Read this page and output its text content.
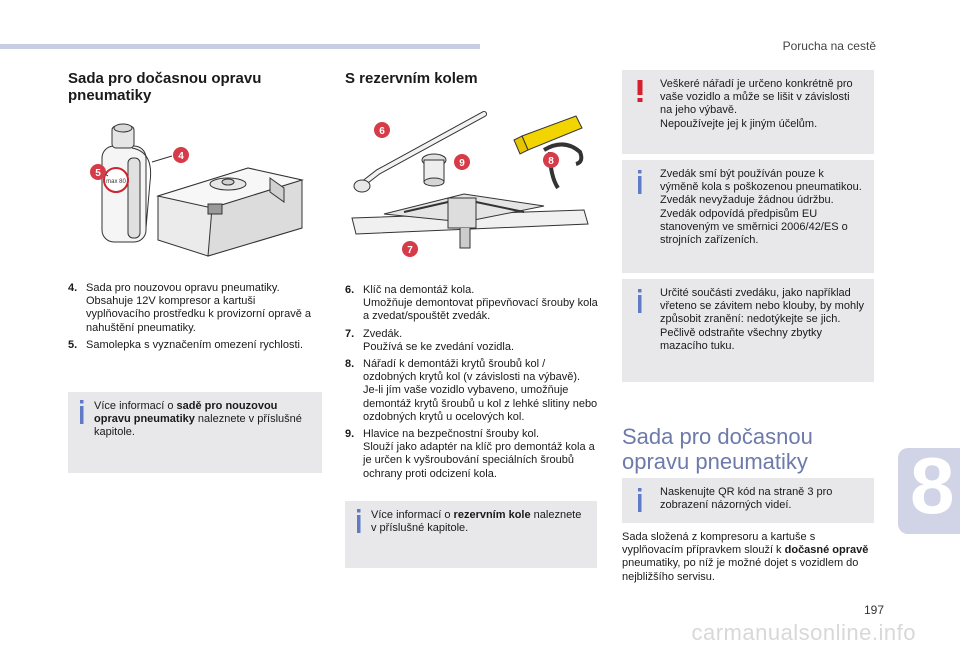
Porucha na cestě
Sada pro dočasnou opravu pneumatiky
max 80
5
4
4. Sada pro nouzovou opravu pneumatiky.
Obsahuje 12V kompresor a kartuši vyplňovacího prostředku k provizorní opravě a nahuštění pneumatiky.
5. Samolepka s vyznačením omezení rychlosti.
Více informací o sadě pro nouzovou opravu pneumatiky naleznete v příslušné kapitole.
S rezervním kolem
6
9	8
7
6. Klíč na demontáž kola.
Umožňuje demontovat připevňovací šrouby kola a zvedat/spouštět zvedák.
7. Zvedák.
Používá se ke zvedání vozidla.
8. Nářadí k demontáži krytů šroubů kol / ozdobných krytů kol (v závislosti na výbavě).
Je-li jím vaše vozidlo vybaveno, umožňuje demontáž krytů šroubů u kol z lehké slitiny nebo ozdobných krytů u ocelových kol.
9. Hlavice na bezpečnostní šrouby kol.
Slouží jako adaptér na klíč pro demontáž kola a je určen k vyšroubování speciálních šroubů ochrany proti odcizení kola.
Více informací o rezervním kole naleznete v příslušné kapitole.
Veškeré nářadí je určeno konkrétně pro vaše vozidlo a může se lišit v závislosti na jeho výbavě.
Nepoužívejte jej k jiným účelům.
Zvedák smí být používán pouze k výměně kola s poškozenou pneumatikou.
Zvedák nevyžaduje žádnou údržbu.
Zvedák odpovídá předpisům EU stanoveným ve směrnici 2006/42/ES o strojních zařízeních.
Určité součásti zvedáku, jako například vřeteno se závitem nebo klouby, by mohly způsobit zranění: nedotýkejte se jich.
Pečlivě odstraňte všechny zbytky mazacího tuku.
Sada pro dočasnou opravu pneumatiky
Naskenujte QR kód na straně 3 pro zobrazení názorných videí.
Sada složená z kompresoru a kartuše s vyplňovacím přípravkem slouží k dočasné opravě pneumatiky, po níž je možné dojet s vozidlem do nejbližšího servisu.
8
197
carmanualsonline.info
